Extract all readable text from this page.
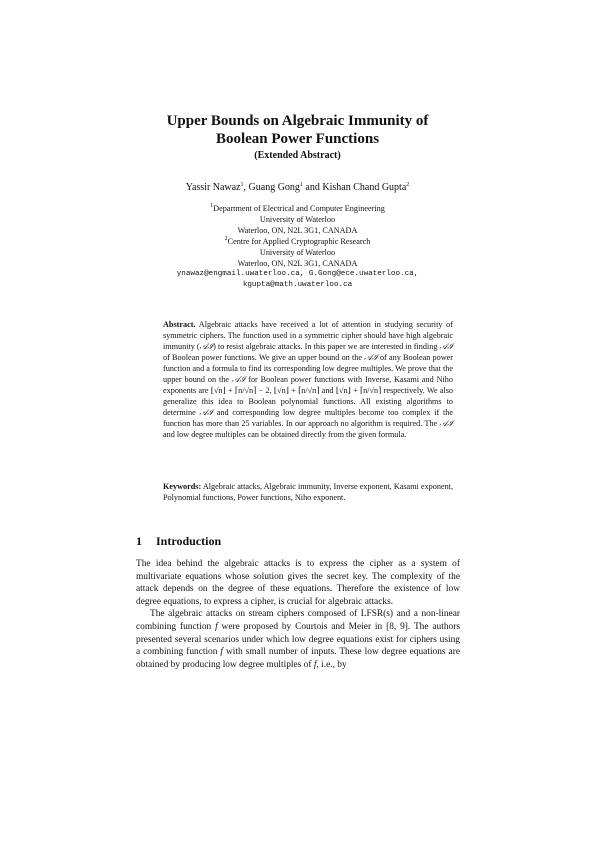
Upper Bounds on Algebraic Immunity of
Boolean Power Functions
(Extended Abstract)
Yassir Nawaz$^1$, Guang Gong$^1$ and Kishan Chand Gupta$^2$
$^1$Department of Electrical and Computer Engineering
University of Waterloo
Waterloo, ON, N2L 3G1, CANADA
$^2$Centre for Applied Cryptographic Research
University of Waterloo
Waterloo, ON, N2L 3G1, CANADA
ynawaz@engmail.uwaterloo.ca, G.Gong@ece.uwaterloo.ca,
kgupta@math.uwaterloo.ca

Abstract. Algebraic attacks have received a lot of attention in studying security of symmetric ciphers. The function used in a symmetric cipher should have high algebraic immunity (𝒜ℐ) to resist algebraic attacks. In this paper we are interested in finding 𝒜ℐ of Boolean power functions. We give an upper bound on the 𝒜ℐ of any Boolean power function and a formula to find its corresponding low degree multiples. We prove that the upper bound on the 𝒜ℐ for Boolean power functions with Inverse, Kasami and Niho exponents are ⌊√n⌋ + ⌈n/√n⌉ − 2, ⌊√n⌋ + ⌈n/√n⌉ and ⌊√n⌋ + ⌈n/√n⌉ respectively. We also generalize this idea to Boolean polynomial functions. All existing algorithms to determine 𝒜ℐ and corresponding low degree multiples become too complex if the function has more than 25 variables. In our approach no algorithm is required. The 𝒜ℐ and low degree multiples can be obtained directly from the given formula.

Keywords: Algebraic attacks, Algebraic immunity, Inverse exponent, Kasami exponent, Polynomial functions, Power functions, Niho exponent.

1 Introduction

The idea behind the algebraic attacks is to express the cipher as a system of multivariate equations whose solution gives the secret key. The complexity of the attack depends on the degree of these equations. Therefore the existence of low degree equations, to express a cipher, is crucial for algebraic attacks.

The algebraic attacks on stream ciphers composed of LFSR(s) and a non-linear combining function f were proposed by Courtois and Meier in [8, 9]. The authors presented several scenarios under which low degree equations exist for ciphers using a combining function f with small number of inputs. These low degree equations are obtained by producing low degree multiples of f, i.e., by
